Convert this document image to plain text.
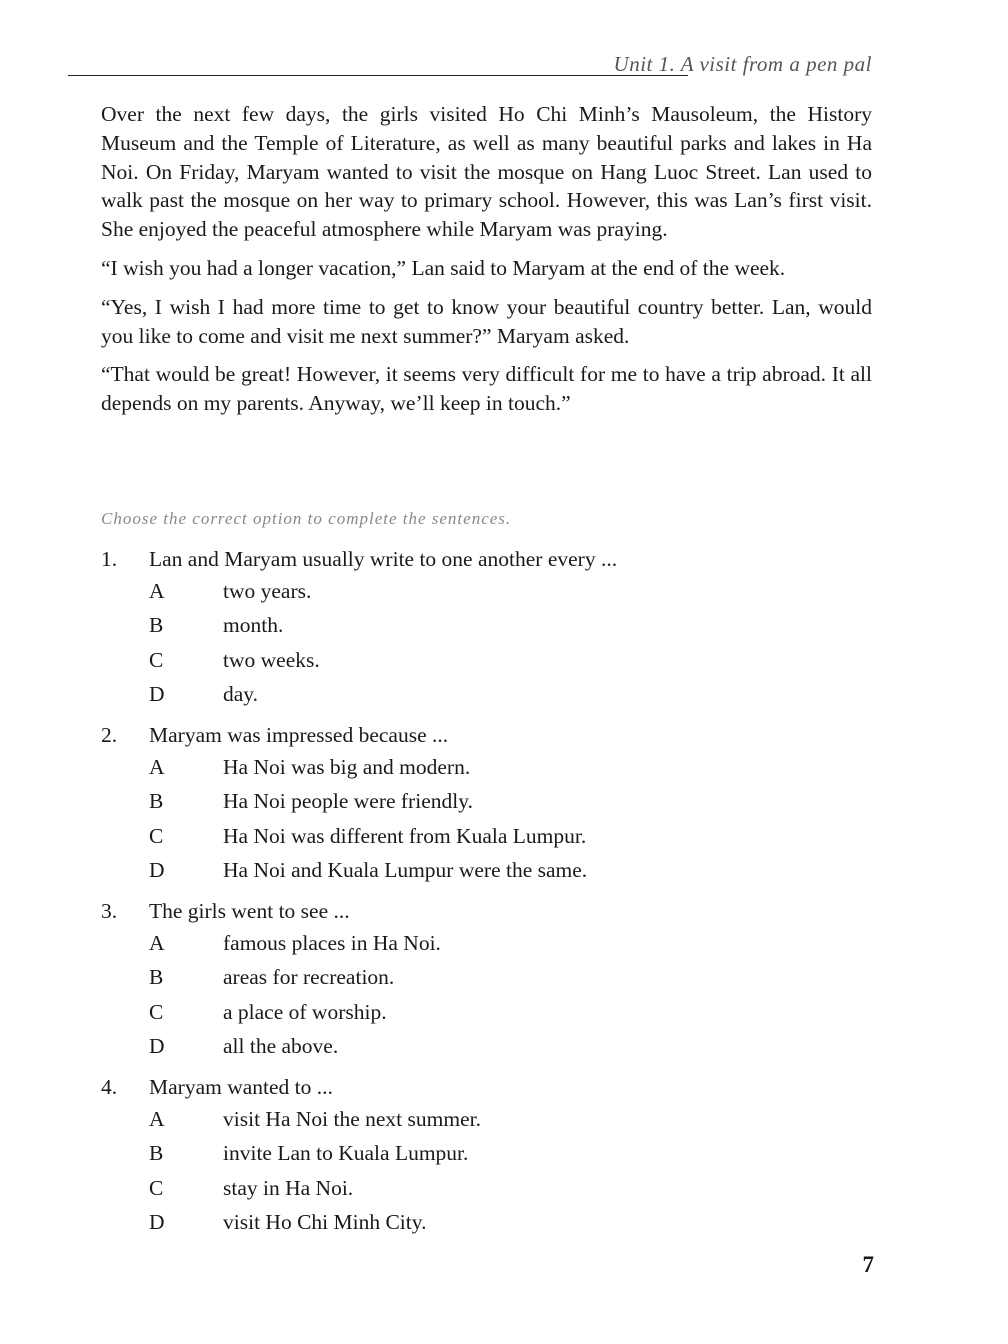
Unit 1. A visit from a pen pal

Over the next few days, the girls visited Ho Chi Minh’s Mausoleum, the History Museum and the Temple of Literature, as well as many beautiful parks and lakes in Ha Noi. On Friday, Maryam wanted to visit the mosque on Hang Luoc Street. Lan used to walk past the mosque on her way to primary school. However, this was Lan’s first visit. She enjoyed the peaceful atmosphere while Maryam was praying.

“I wish you had a longer vacation,” Lan said to Maryam at the end of the week.

“Yes, I wish I had more time to get to know your beautiful country better. Lan, would you like to come and visit me next summer?” Maryam asked.

“That would be great! However, it seems very difficult for me to have a trip abroad. It all depends on my parents. Anyway, we’ll keep in touch.”

Choose the correct option to complete the sentences.
1.	Lan and Maryam usually write to one another every ...
A	two years.
B	month.
C	two weeks.
D	day.
2.	Maryam was impressed because ...
A	Ha Noi was big and modern.
B	Ha Noi people were friendly.
C	Ha Noi was different from Kuala Lumpur.
D	Ha Noi and Kuala Lumpur were the same.
3.	The girls went to see ...
A	famous places in Ha Noi.
B	areas for recreation.
C	a place of worship.
D	all the above.
4.	Maryam wanted to ...
A	visit Ha Noi the next summer.
B	invite Lan to Kuala Lumpur.
C	stay in Ha Noi.
D	visit Ho Chi Minh City.
7
